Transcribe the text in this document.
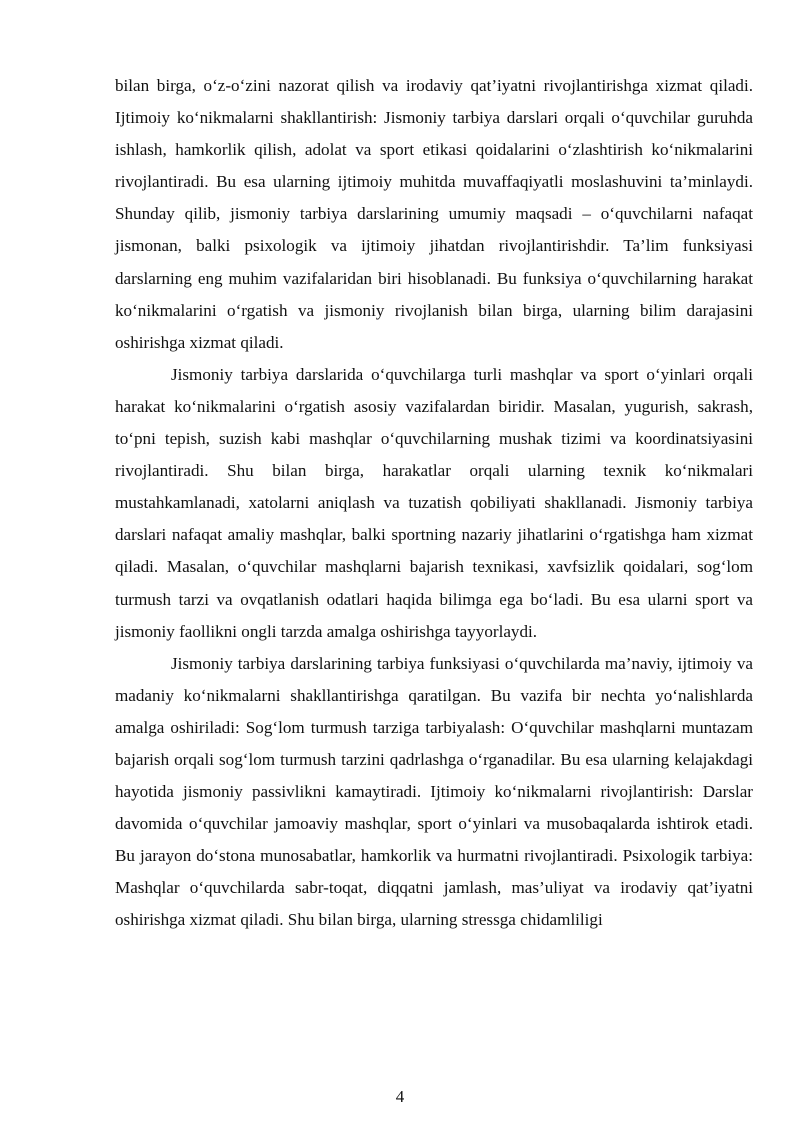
bilan birga, o‘z-o‘zini nazorat qilish va irodaviy qat’iyatni rivojlantirishga xizmat qiladi. Ijtimoiy ko‘nikmalarni shakllantirish: Jismoniy tarbiya darslari orqali o‘quvchilar guruhda ishlash, hamkorlik qilish, adolat va sport etikasi qoidalarini o‘zlashtirish ko‘nikmalarini rivojlantiradi. Bu esa ularning ijtimoiy muhitda muvaffaqiyatli moslashuvini ta’minlaydi. Shunday qilib, jismoniy tarbiya darslarining umumiy maqsadi – o‘quvchilarni nafaqat jismonan, balki psixologik va ijtimoiy jihatdan rivojlantirishdir. Ta’lim funksiyasi darslarning eng muhim vazifalaridan biri hisoblanadi. Bu funksiya o‘quvchilarning harakat ko‘nikmalarini o‘rgatish va jismoniy rivojlanish bilan birga, ularning bilim darajasini oshirishga xizmat qiladi.

Jismoniy tarbiya darslarida o‘quvchilarga turli mashqlar va sport o‘yinlari orqali harakat ko‘nikmalarini o‘rgatish asosiy vazifalardan biridir. Masalan, yugurish, sakrash, to‘pni tepish, suzish kabi mashqlar o‘quvchilarning mushak tizimi va koordinatsiyasini rivojlantiradi. Shu bilan birga, harakatlar orqali ularning texnik ko‘nikmalari mustahkamlanadi, xatolarni aniqlash va tuzatish qobiliyati shakllanadi. Jismoniy tarbiya darslari nafaqat amaliy mashqlar, balki sportning nazariy jihatlarini o‘rgatishga ham xizmat qiladi. Masalan, o‘quvchilar mashqlarni bajarish texnikasi, xavfsizlik qoidalari, sog‘lom turmush tarzi va ovqatlanish odatlari haqida bilimga ega bo‘ladi. Bu esa ularni sport va jismoniy faollikni ongli tarzda amalga oshirishga tayyorlaydi.

Jismoniy tarbiya darslarining tarbiya funksiyasi o‘quvchilarda ma’naviy, ijtimoiy va madaniy ko‘nikmalarni shakllantirishga qaratilgan. Bu vazifa bir nechta yo‘nalishlarda amalga oshiriladi: Sog‘lom turmush tarziga tarbiyalash: O‘quvchilar mashqlarni muntazam bajarish orqali sog‘lom turmush tarzini qadrlashga o‘rganadilar. Bu esa ularning kelajakdagi hayotida jismoniy passivlikni kamaytiradi. Ijtimoiy ko‘nikmalarni rivojlantirish: Darslar davomida o‘quvchilar jamoaviy mashqlar, sport o‘yinlari va musobaqalarda ishtirok etadi. Bu jarayon do‘stona munosabatlar, hamkorlik va hurmatni rivojlantiradi. Psixologik tarbiya: Mashqlar o‘quvchilarda sabr-toqat, diqqatni jamlash, mas’uliyat va irodaviy qat’iyatni oshirishga xizmat qiladi. Shu bilan birga, ularning stressga chidamliligi

4
